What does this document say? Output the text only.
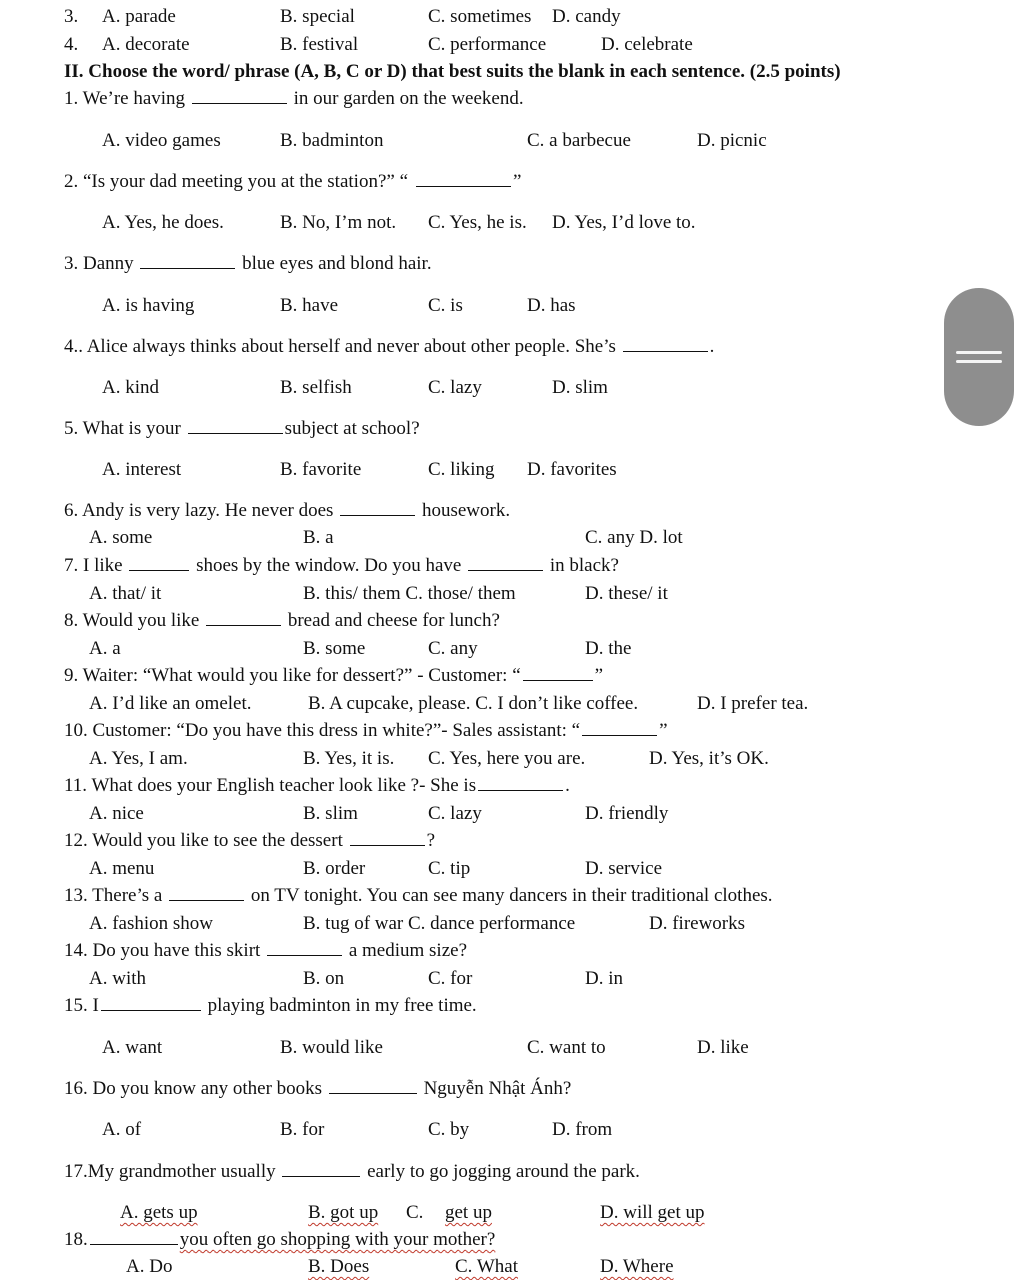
3. A. parade	B. special	C. sometimes D. candy
4. A. decorate	B. festival	C. performance	D. celebrate
II. Choose the word/ phrase (A, B, C or D) that best suits the blank in each sentence. (2.5 points)
1. We’re having	in our garden on the weekend.
A. video games	B. badminton	C. a barbecue	D. picnic
2. “Is your dad meeting you at the station?” “	”
A. Yes, he does.	B. No, I’m not. C. Yes, he is. D. Yes, I’d love to.
3. Danny	blue eyes and blond hair.
A. is having	B. have	C. is	D. has
4.. Alice always thinks about herself and never about other people. She’s	.
A. kind	B. selfish	C. lazy	D. slim
5. What is your	subject at school?
A. interest	B. favorite	C. liking D. favorites
6. Andy is very lazy. He never does	housework.
A. some	B. a	C. any D. lot
7. I like	shoes by the window. Do you have	in black?
A. that/ it	B. this/ them C. those/ them	D. these/ it
8. Would you like	bread and cheese for lunch?
A. a	B. some	C. any	D. the
9. Waiter: “What would you like for dessert?” - Customer: “	”
A. I’d like an omelet.	B. A cupcake, please. C. I don’t like coffee.	D. I prefer tea.
10. Customer: “Do you have this dress in white?”- Sales assistant: “	”
A. Yes, I am.	B. Yes, it is. C. Yes, here you are.	D. Yes, it’s OK.
11. What does your English teacher look like ?- She is	.
A. nice	B. slim	C. lazy	D. friendly
12. Would you like to see the dessert	?
A. menu	B. order	C. tip	D. service
13. There’s a	on TV tonight. You can see many dancers in their traditional clothes.
A. fashion show	B. tug of war C. dance performance	D. fireworks
14. Do you have this skirt	a medium size?
A. with	B. on	C. for	D. in
15. I	playing badminton in my free time.
A. want	B. would like	C. want to	D. like
16. Do you know any other books	Nguyễn Nhật Ánh?
A. of	B. for	C. by	D. from
17.My grandmother usually	early to go jogging around the park.
A. gets up	B. got up C. get up	D. will get up
18.	you often go shopping with your mother?
A. Do	B. Does	C. What	D. Where
